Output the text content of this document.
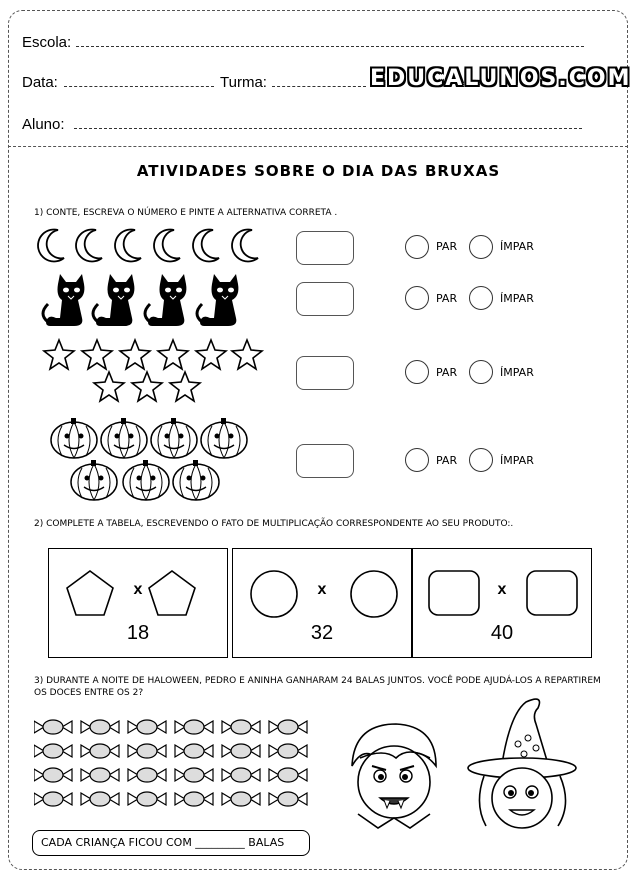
Escola:
Data:	Turma:	EDUCALUNOS.COM
Aluno:
ATIVIDADES SOBRE O DIA DAS BRUXAS
1) CONTE, ESCREVA O NÚMERO E PINTE A ALTERNATIVA CORRETA .
PAR	ÍMPAR
PAR	ÍMPAR
PAR	ÍMPAR
PAR	ÍMPAR
2) COMPLETE A TABELA, ESCREVENDO O FATO DE MULTIPLICAÇÃO CORRESPONDENTE AO SEU PRODUTO:.
x
18
x
32
x
40
3) DURANTE A NOITE DE HALOWEEN, PEDRO E ANINHA GANHARAM 24 BALAS JUNTOS. VOCÊ PODE AJUDÁ-LOS A REPARTIREM
OS DOCES ENTRE OS 2?
CADA CRIANÇA FICOU COM _________ BALAS
